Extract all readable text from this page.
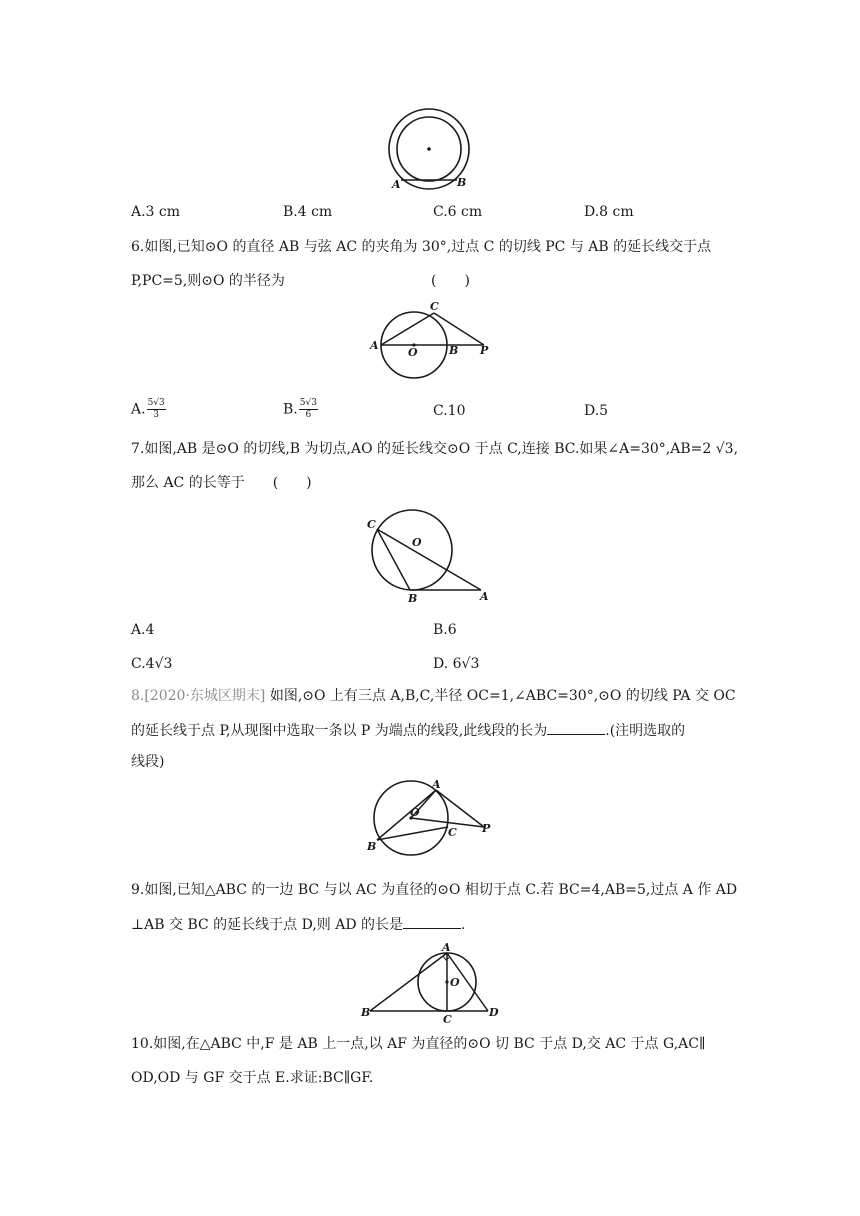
A	B
A.3 cm	B.4 cm	C.6 cm	D.8 cm
6.如图,已知⊙O 的直径 AB 与弦 AC 的夹角为 30°,过点 C 的切线 PC 与 AB 的延长线交于点
P,PC=5,则⊙O 的半径为	(　　)
C
A
O	B P
A. $\frac{5√3}{3}$	B. $\frac{5√3}{6}$	C.10	D.5
7.如图,AB 是⊙O 的切线,B 为切点,AO 的延长线交⊙O 于点 C,连接 BC.如果∠A=30°,AB=2 √3,
那么 AC 的长等于　　(　　)
C
O
B	A
A.4	B.6
C.4√3	D. 6√3
8.[2020·东城区期末] 如图,⊙O 上有三点 A,B,C,半径 OC=1,∠ABC=30°,⊙O 的切线 PA 交 OC
的延长线于点 P,从现图中选取一条以 P 为端点的线段,此线段的长为	.(注明选取的
线段)
A
O
C P
B
9.如图,已知△ABC 的一边 BC 与以 AC 为直径的⊙O 相切于点 C.若 BC=4,AB=5,过点 A 作 AD
⊥AB 交 BC 的延长线于点 D,则 AD 的长是	.
A
O
B
C
D
10.如图,在△ABC 中,F 是 AB 上一点,以 AF 为直径的⊙O 切 BC 于点 D,交 AC 于点 G,AC∥
OD,OD 与 GF 交于点 E.求证:BC∥GF.
